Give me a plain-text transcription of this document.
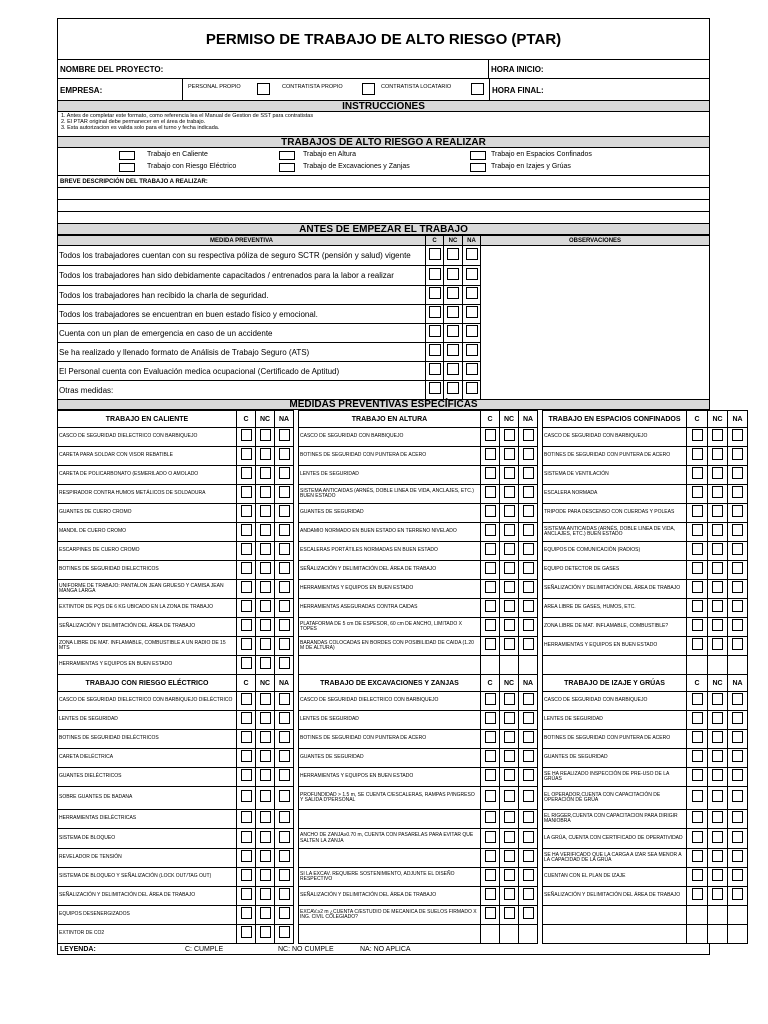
PERMISO DE TRABAJO DE ALTO RIESGO (PTAR)
NOMBRE DEL PROYECTO:	HORA INICIO:
EMPRESA:	PERSONAL PROPIO	CONTRATISTA PROPIO	CONTRATISTA LOCATARIO	HORA FINAL:
INSTRUCCIONES
1. Antes de completar este formato, como referencia lea el Manual de Gestion de SST para contratistas
2. El PTAR original debe permanecer en el área de trabajo.
3. Esta autorizacion es valida solo para el turno y fecha indicada.
TRABAJOS DE ALTO RIESGO A REALIZAR
Trabajo en Caliente	Trabajo en Altura	Trabajo en Espacios Confinados
Trabajo con Riesgo Eléctrico	Trabajo de Excavaciones y Zanjas	Trabajo en Izajes y Grúas
BREVE DESCRIPCIÓN DEL TRABAJO A REALIZAR:
ANTES DE EMPEZAR EL TRABAJO
MEDIDA PREVENTIVA	C	NC	NA	OBSERVACIONES
Todos los trabajadores cuentan con su respectiva póliza de seguro SCTR (pensión y salud) vigente				
Todos los trabajadores han sido debidamente capacitados / entrenados para la labor a realizar				
Todos los trabajadores han recibido la charla de seguridad.				
Todos los trabajadores se encuentran en buen estado físico y emocional.				
Cuenta con un plan de emergencia en caso de un accidente				
Se ha realizado y llenado formato de Análisis de Trabajo Seguro (ATS)				
El Personal cuenta con Evaluación medica ocupacional (Certificado de Aptitud)				
Otras medidas:				
MEDIDAS PREVENTIVAS ESPECÍFICAS
TRABAJO EN CALIENTE	C	NC	NA		TRABAJO EN ALTURA	C	NC	NA		TRABAJO EN ESPACIOS CONFINADOS	C	NC	NA
CASCO DE SEGURIDAD DIELECTRICO CON BARBIQUEJO					CASCO DE SEGURIDAD CON BARBIQUEJO					CASCO DE SEGURIDAD CON BARBIQUEJO			
CARETA PARA SOLDAR CON VISOR REBATIBLE					BOTINES DE SEGURIDAD CON PUNTERA DE ACERO					BOTINES DE SEGURIDAD CON PUNTERA DE ACERO			
CARETA DE POLICARBONATO (ESMERILADO O AMOLADO					LENTES DE SEGURIDAD					SISTEMA DE VENTILACIÓN			
RESPIRADOR CONTRA HUMOS METÁLICOS DE SOLDADURA					SISTEMA ANTICAIDAS (ARNÉS, DOBLE LINEA DE VIDA, ANCLAJES, ETC.) BUEN ESTADO					ESCALERA NORMADA			
GUANTES DE CUERO CROMO					GUANTES DE SEGURIDAD					TRIPODE PARA DESCENSO CON CUERDAS Y POLEAS			
MANDIL DE CUERO CROMO					ANDAMIO NORMADO EN BUEN ESTADO EN TERRENO NIVELADO					SISTEMA ANTICAIDAS (ARNÉS, DOBLE LINEA DE VIDA, ANCLAJES, ETC.) BUEN ESTADO			
ESCARPINES DE CUERO CROMO					ESCALERAS PORTÁTILES NORMADAS EN BUEN ESTADO					EQUIPOS DE COMUNICACIÓN (RADIOS)			
BOTINES DE SEGURIDAD DIELECTRICOS					SEÑALIZACIÓN Y DELIMITACIÓN DEL ÁREA DE TRABAJO					EQUIPO DETECTOR DE GASES			
UNIFORME DE TRABAJO: PANTALON JEAN GRUESO Y CAMISA JEAN MANGA LARGA					HERRAMIENTAS Y EQUIPOS EN BUEN ESTADO					SEÑALIZACIÓN Y DELIMITACIÓN DEL ÁREA DE TRABAJO			
EXTINTOR DE PQS DE 6 KG UBICADO EN LA ZONA DE TRABAJO					HERRAMIENTAS ASEGURADAS CONTRA CAIDAS					AREA LIBRE DE GASES, HUMOS, ETC.			
SEÑALIZACIÓN Y DELIMITACIÓN DEL ÁREA DE TRABAJO					PLATAFORMA DE 5 cm DE ESPESOR, 60 cm DE ANCHO, LIMITADO X TOPES					ZONA LIBRE DE MAT. INFLAMABLE, COMBUSTIBLE?			
ZONA LIBRE DE MAT. INFLAMABLE, COMBUSTIBLE A UN RADIO DE 15 MTS					BARANDAS COLOCADAS EN BORDES CON POSIBILIDAD DE CAIDA (1.20 M DE ALTURA)					HERRAMIENTAS Y EQUIPOS EN BUEN ESTADO			
HERRAMIENTAS Y EQUIPOS EN BUEN ESTADO													
TRABAJO CON RIESGO ELÉCTRICO	C	NC	NA		TRABAJO DE EXCAVACIONES Y ZANJAS	C	NC	NA		TRABAJO DE IZAJE Y GRÚAS	C	NC	NA
CASCO DE SEGURIDAD DIELECTRICO CON BARBIQUEJO DIELÉCTRICO					CASCO DE SEGURIDAD DIELECTRICO CON BARBIQUEJO					CASCO DE SEGURIDAD CON BARBIQUEJO			
LENTES DE SEGURIDAD					LENTES DE SEGURIDAD					LENTES DE SEGURIDAD			
BOTINES DE SEGURIDAD DIELÉCTRICOS					BOTINES DE SEGURIDAD CON PUNTERA DE ACERO					BOTINES DE SEGURIDAD CON PUNTERA DE ACERO			
CARETA DIELÉCTRICA					GUANTES DE SEGURIDAD					GUANTES DE SEGURIDAD			
GUANTES DIELÉCTRICOS					HERRAMIENTAS Y EQUIPOS EN BUEN ESTADO					SE HA REALIZADO INSPECCIÓN DE PRE-USO DE LA GRÚAS			
SOBRE GUANTES DE BADANA					PROFUNDIDAD > 1.5 m, SE CUENTA C/ESCALERAS, RAMPAS P/INGRESO Y SALIDA D'PERSONAL					EL OPERADOR,CUENTA CON CAPACITACIÓN DE OPERACIÓN DE GRÚA			
HERRAMIENTAS DIELÉCTRICAS										EL RIGGER,CUENTA CON CAPACITACION PARA DIRIGIR MANIOBRA			
SISTEMA DE BLOQUEO					ANCHO DE ZANJA≥0.70 m, CUENTA CON PASARELAS PARA EVITAR QUE SALTEN LA ZANJA					LA GRÚA, CUENTA CON CERTIFICADO DE OPERATIVIDAD			
REVELADOR DE TENSIÓN										SE HA VERIFICADO QUE LA CARGA A IZAR SEA MENOR A LA CAPACIDAD DE LA GRÚA			
SISTEMA DE BLOQUEO Y SEÑALIZACIÓN (LOCK OUT/TAG OUT)					SI LA EXCAV. REQUIERE SOSTENIMIENTO, ADJUNTE EL DISEÑO RESPECTIVO					CUENTAN CON EL PLAN DE IZAJE			
SEÑALIZACIÓN Y DELIMITACIÓN DEL ÁREA DE TRABAJO					SEÑALIZACIÓN Y DELIMITACIÓN DEL ÁREA DE TRABAJO					SEÑALIZACIÓN Y DELIMITACIÓN DEL ÁREA DE TRABAJO			
EQUIPOS DESENERGIZADOS					EXCAV.≥2 m ¿CUENTA C/ESTUDIO DE MECANICA DE SUELOS FIRMADO X ING. CIVIL COLEGIADO?								
EXTINTOR DE CO2													
LEYENDA:	C: CUMPLE	NC: NO CUMPLE	NA: NO APLICA
